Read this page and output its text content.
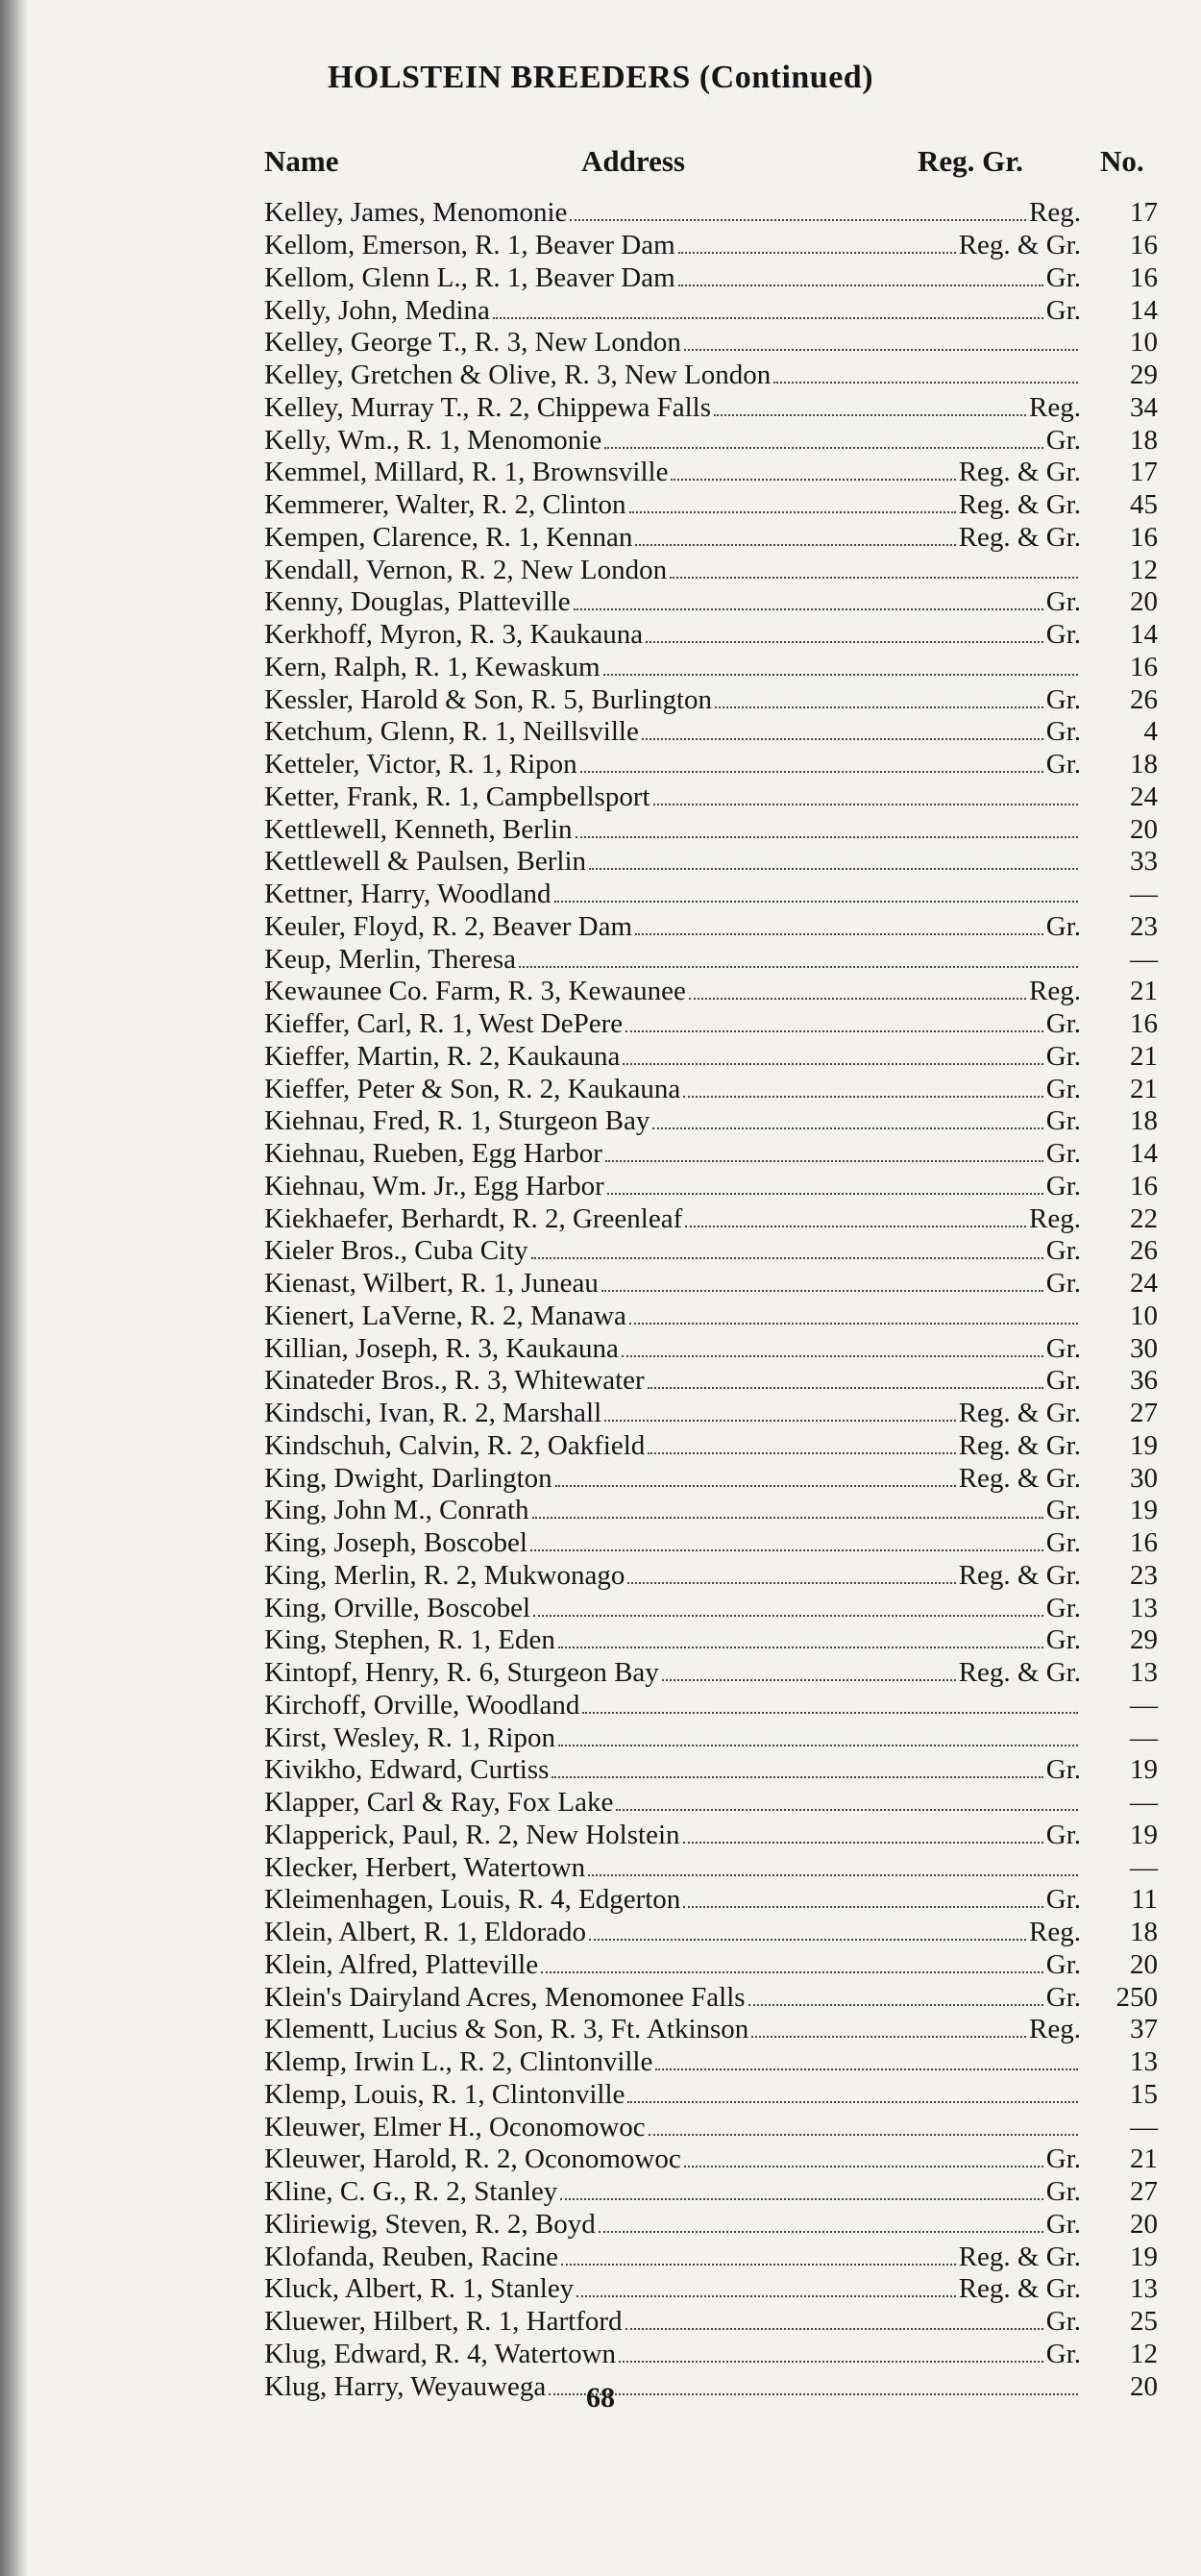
HOLSTEIN BREEDERS (Continued)
Name	Address	Reg. Gr.	No.
Kelley, James, Menomonie	Reg.	17
Kellom, Emerson, R. 1, Beaver Dam	Reg. & Gr.	16
Kellom, Glenn L., R. 1, Beaver Dam	Gr.	16
Kelly, John, Medina	Gr.	14
Kelley, George T., R. 3, New London	10
Kelley, Gretchen & Olive, R. 3, New London	29
Kelley, Murray T., R. 2, Chippewa Falls	Reg.	34
Kelly, Wm., R. 1, Menomonie	Gr.	18
Kemmel, Millard, R. 1, Brownsville	Reg. & Gr.	17
Kemmerer, Walter, R. 2, Clinton	Reg. & Gr.	45
Kempen, Clarence, R. 1, Kennan	Reg. & Gr.	16
Kendall, Vernon, R. 2, New London	12
Kenny, Douglas, Platteville	Gr.	20
Kerkhoff, Myron, R. 3, Kaukauna	Gr.	14
Kern, Ralph, R. 1, Kewaskum	16
Kessler, Harold & Son, R. 5, Burlington	Gr.	26
Ketchum, Glenn, R. 1, Neillsville	Gr.	4
Ketteler, Victor, R. 1, Ripon	Gr.	18
Ketter, Frank, R. 1, Campbellsport	24
Kettlewell, Kenneth, Berlin	20
Kettlewell & Paulsen, Berlin	33
Kettner, Harry, Woodland	—
Keuler, Floyd, R. 2, Beaver Dam	Gr.	23
Keup, Merlin, Theresa	—
Kewaunee Co. Farm, R. 3, Kewaunee	Reg.	21
Kieffer, Carl, R. 1, West DePere	Gr.	16
Kieffer, Martin, R. 2, Kaukauna	Gr.	21
Kieffer, Peter & Son, R. 2, Kaukauna	Gr.	21
Kiehnau, Fred, R. 1, Sturgeon Bay	Gr.	18
Kiehnau, Rueben, Egg Harbor	Gr.	14
Kiehnau, Wm. Jr., Egg Harbor	Gr.	16
Kiekhaefer, Berhardt, R. 2, Greenleaf	Reg.	22
Kieler Bros., Cuba City	Gr.	26
Kienast, Wilbert, R. 1, Juneau	Gr.	24
Kienert, LaVerne, R. 2, Manawa	10
Killian, Joseph, R. 3, Kaukauna	Gr.	30
Kinateder Bros., R. 3, Whitewater	Gr.	36
Kindschi, Ivan, R. 2, Marshall	Reg. & Gr.	27
Kindschuh, Calvin, R. 2, Oakfield	Reg. & Gr.	19
King, Dwight, Darlington	Reg. & Gr.	30
King, John M., Conrath	Gr.	19
King, Joseph, Boscobel	Gr.	16
King, Merlin, R. 2, Mukwonago	Reg. & Gr.	23
King, Orville, Boscobel	Gr.	13
King, Stephen, R. 1, Eden	Gr.	29
Kintopf, Henry, R. 6, Sturgeon Bay	Reg. & Gr.	13
Kirchoff, Orville, Woodland	—
Kirst, Wesley, R. 1, Ripon	—
Kivikho, Edward, Curtiss	Gr.	19
Klapper, Carl & Ray, Fox Lake	—
Klapperick, Paul, R. 2, New Holstein	Gr.	19
Klecker, Herbert, Watertown	—
Kleimenhagen, Louis, R. 4, Edgerton	Gr.	11
Klein, Albert, R. 1, Eldorado	Reg.	18
Klein, Alfred, Platteville	Gr.	20
Klein's Dairyland Acres, Menomonee Falls	Gr.	250
Klementt, Lucius & Son, R. 3, Ft. Atkinson	Reg.	37
Klemp, Irwin L., R. 2, Clintonville	13
Klemp, Louis, R. 1, Clintonville	15
Kleuwer, Elmer H., Oconomowoc	—
Kleuwer, Harold, R. 2, Oconomowoc	Gr.	21
Kline, C. G., R. 2, Stanley	Gr.	27
Kliriewig, Steven, R. 2, Boyd	Gr.	20
Klofanda, Reuben, Racine	Reg. & Gr.	19
Kluck, Albert, R. 1, Stanley	Reg. & Gr.	13
Kluewer, Hilbert, R. 1, Hartford	Gr.	25
Klug, Edward, R. 4, Watertown	Gr.	12
Klug, Harry, Weyauwega	20
68
